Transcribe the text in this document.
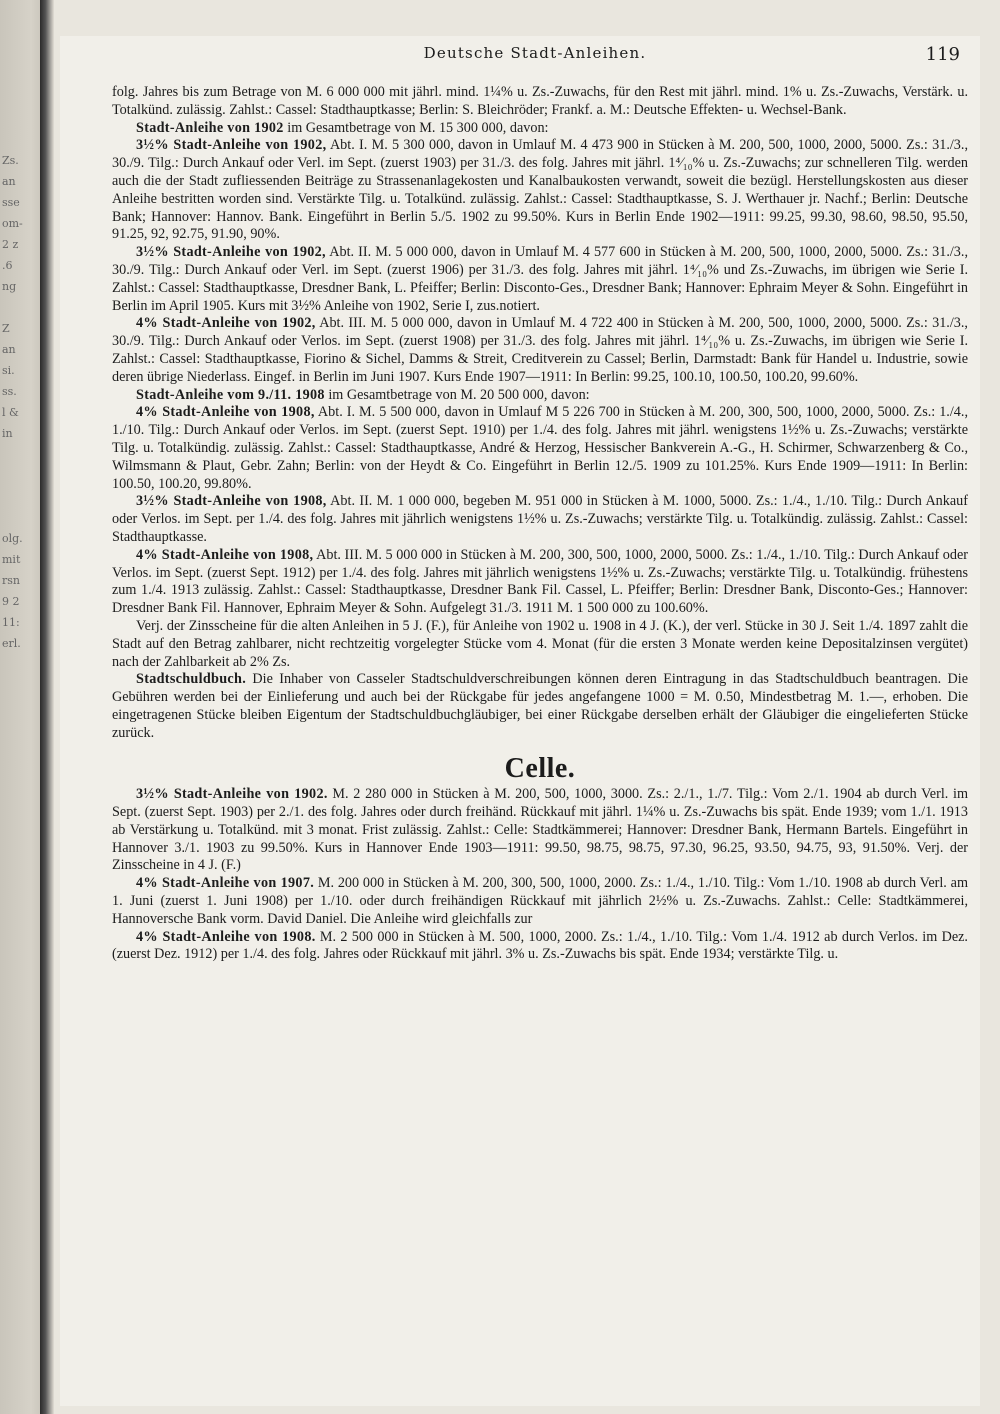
Zs.
an
sse
om-
2 z
.6
ng

Z
an
si.
ss.
l &
in

olg.
mit
rsn
9 2
11:
erl.
Deutsche Stadt-Anleihen.	119

folg. Jahres bis zum Betrage von M. 6 000 000 mit jährl. mind. 1¼% u. Zs.-Zuwachs, für den Rest mit jährl. mind. 1% u. Zs.-Zuwachs, Verstärk. u. Totalkünd. zulässig. Zahlst.: Cassel: Stadthauptkasse; Berlin: S. Bleichröder; Frankf. a. M.: Deutsche Effekten- u. Wechsel-Bank.

Stadt-Anleihe von 1902 im Gesamtbetrage von M. 15 300 000, davon:

3½% Stadt-Anleihe von 1902, Abt. I. M. 5 300 000, davon in Umlauf M. 4 473 900 in Stücken à M. 200, 500, 1000, 2000, 5000. Zs.: 31./3., 30./9. Tilg.: Durch Ankauf oder Verl. im Sept. (zuerst 1903) per 31./3. des folg. Jahres mit jährl. 1⁴⁄₁₀% u. Zs.-Zuwachs; zur schnelleren Tilg. werden auch die der Stadt zufliessenden Beiträge zu Strassenanlagekosten und Kanalbaukosten verwandt, soweit die bezügl. Herstellungskosten aus dieser Anleihe bestritten worden sind. Verstärkte Tilg. u. Totalkünd. zulässig. Zahlst.: Cassel: Stadthauptkasse, S. J. Werthauer jr. Nachf.; Berlin: Deutsche Bank; Hannover: Hannov. Bank. Eingeführt in Berlin 5./5. 1902 zu 99.50%. Kurs in Berlin Ende 1902—1911: 99.25, 99.30, 98.60, 98.50, 95.50, 91.25, 92, 92.75, 91.90, 90%.

3½% Stadt-Anleihe von 1902, Abt. II. M. 5 000 000, davon in Umlauf M. 4 577 600 in Stücken à M. 200, 500, 1000, 2000, 5000. Zs.: 31./3., 30./9. Tilg.: Durch Ankauf oder Verl. im Sept. (zuerst 1906) per 31./3. des folg. Jahres mit jährl. 1⁴⁄₁₀% und Zs.-Zuwachs, im übrigen wie Serie I. Zahlst.: Cassel: Stadthauptkasse, Dresdner Bank, L. Pfeiffer; Berlin: Disconto-Ges., Dresdner Bank; Hannover: Ephraim Meyer & Sohn. Eingeführt in Berlin im April 1905. Kurs mit 3½% Anleihe von 1902, Serie I, zus.notiert.

4% Stadt-Anleihe von 1902, Abt. III. M. 5 000 000, davon in Umlauf M. 4 722 400 in Stücken à M. 200, 500, 1000, 2000, 5000. Zs.: 31./3., 30./9. Tilg.: Durch Ankauf oder Verlos. im Sept. (zuerst 1908) per 31./3. des folg. Jahres mit jährl. 1⁴⁄₁₀% u. Zs.-Zuwachs, im übrigen wie Serie I. Zahlst.: Cassel: Stadthauptkasse, Fiorino & Sichel, Damms & Streit, Creditverein zu Cassel; Berlin, Darmstadt: Bank für Handel u. Industrie, sowie deren übrige Niederlass. Eingef. in Berlin im Juni 1907. Kurs Ende 1907—1911: In Berlin: 99.25, 100.10, 100.50, 100.20, 99.60%.

Stadt-Anleihe vom 9./11. 1908 im Gesamtbetrage von M. 20 500 000, davon:

4% Stadt-Anleihe von 1908, Abt. I. M. 5 500 000, davon in Umlauf M 5 226 700 in Stücken à M. 200, 300, 500, 1000, 2000, 5000. Zs.: 1./4., 1./10. Tilg.: Durch Ankauf oder Verlos. im Sept. (zuerst Sept. 1910) per 1./4. des folg. Jahres mit jährl. wenigstens 1½% u. Zs.-Zuwachs; verstärkte Tilg. u. Totalkündig. zulässig. Zahlst.: Cassel: Stadthauptkasse, André & Herzog, Hessischer Bankverein A.-G., H. Schirmer, Schwarzenberg & Co., Wilmsmann & Plaut, Gebr. Zahn; Berlin: von der Heydt & Co. Eingeführt in Berlin 12./5. 1909 zu 101.25%. Kurs Ende 1909—1911: In Berlin: 100.50, 100.20, 99.80%.

3½% Stadt-Anleihe von 1908, Abt. II. M. 1 000 000, begeben M. 951 000 in Stücken à M. 1000, 5000. Zs.: 1./4., 1./10. Tilg.: Durch Ankauf oder Verlos. im Sept. per 1./4. des folg. Jahres mit jährlich wenigstens 1½% u. Zs.-Zuwachs; verstärkte Tilg. u. Totalkündig. zulässig. Zahlst.: Cassel: Stadthauptkasse.

4% Stadt-Anleihe von 1908, Abt. III. M. 5 000 000 in Stücken à M. 200, 300, 500, 1000, 2000, 5000. Zs.: 1./4., 1./10. Tilg.: Durch Ankauf oder Verlos. im Sept. (zuerst Sept. 1912) per 1./4. des folg. Jahres mit jährlich wenigstens 1½% u. Zs.-Zuwachs; verstärkte Tilg. u. Totalkündig. frühestens zum 1./4. 1913 zulässig. Zahlst.: Cassel: Stadthauptkasse, Dresdner Bank Fil. Cassel, L. Pfeiffer; Berlin: Dresdner Bank, Disconto-Ges.; Hannover: Dresdner Bank Fil. Hannover, Ephraim Meyer & Sohn. Aufgelegt 31./3. 1911 M. 1 500 000 zu 100.60%.

Verj. der Zinsscheine für die alten Anleihen in 5 J. (F.), für Anleihe von 1902 u. 1908 in 4 J. (K.), der verl. Stücke in 30 J. Seit 1./4. 1897 zahlt die Stadt auf den Betrag zahlbarer, nicht rechtzeitig vorgelegter Stücke vom 4. Monat (für die ersten 3 Monate werden keine Depositalzinsen vergütet) nach der Zahlbarkeit ab 2% Zs.

Stadtschuldbuch. Die Inhaber von Casseler Stadtschuldverschreibungen können deren Eintragung in das Stadtschuldbuch beantragen. Die Gebühren werden bei der Einlieferung und auch bei der Rückgabe für jedes angefangene 1000 = M. 0.50, Mindestbetrag M. 1.—, erhoben. Die eingetragenen Stücke bleiben Eigentum der Stadtschuldbuchgläubiger, bei einer Rückgabe derselben erhält der Gläubiger die eingelieferten Stücke zurück.

Celle.

3½% Stadt-Anleihe von 1902. M. 2 280 000 in Stücken à M. 200, 500, 1000, 3000. Zs.: 2./1., 1./7. Tilg.: Vom 2./1. 1904 ab durch Verl. im Sept. (zuerst Sept. 1903) per 2./1. des folg. Jahres oder durch freihänd. Rückkauf mit jährl. 1¼% u. Zs.-Zuwachs bis spät. Ende 1939; vom 1./1. 1913 ab Verstärkung u. Totalkünd. mit 3 monat. Frist zulässig. Zahlst.: Celle: Stadtkämmerei; Hannover: Dresdner Bank, Hermann Bartels. Eingeführt in Hannover 3./1. 1903 zu 99.50%. Kurs in Hannover Ende 1903—1911: 99.50, 98.75, 98.75, 97.30, 96.25, 93.50, 94.75, 93, 91.50%. Verj. der Zinsscheine in 4 J. (F.)

4% Stadt-Anleihe von 1907. M. 200 000 in Stücken à M. 200, 300, 500, 1000, 2000. Zs.: 1./4., 1./10. Tilg.: Vom 1./10. 1908 ab durch Verl. am 1. Juni (zuerst 1. Juni 1908) per 1./10. oder durch freihändigen Rückkauf mit jährlich 2½% u. Zs.-Zuwachs. Zahlst.: Celle: Stadtkämmerei, Hannoversche Bank vorm. David Daniel. Die Anleihe wird gleichfalls zur

4% Stadt-Anleihe von 1908. M. 2 500 000 in Stücken à M. 500, 1000, 2000. Zs.: 1./4., 1./10. Tilg.: Vom 1./4. 1912 ab durch Verlos. im Dez. (zuerst Dez. 1912) per 1./4. des folg. Jahres oder Rückkauf mit jährl. 3% u. Zs.-Zuwachs bis spät. Ende 1934; verstärkte Tilg. u.
